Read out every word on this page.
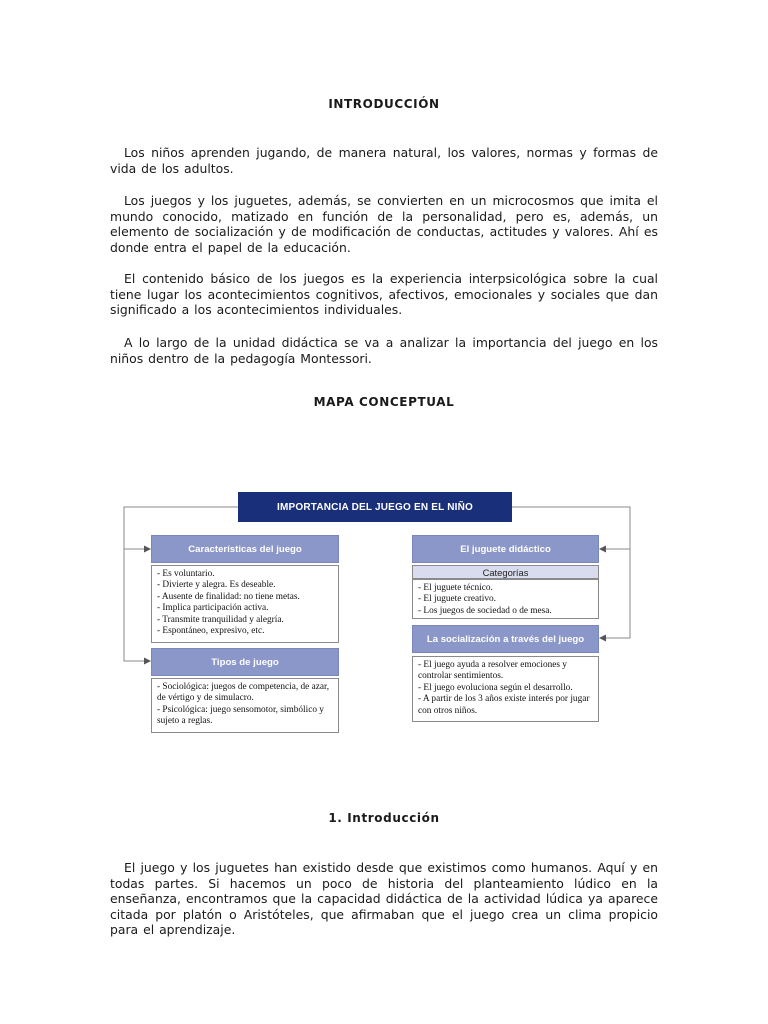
INTRODUCCIÓN

Los niños aprenden jugando, de manera natural, los valores, normas y formas de vida de los adultos.

Los juegos y los juguetes, además, se convierten en un microcosmos que imita el mundo conocido, matizado en función de la personalidad, pero es, además, un elemento de socialización y de modificación de conductas, actitudes y valores. Ahí es donde entra el papel de la educación.

El contenido básico de los juegos es la experiencia interpsicológica sobre la cual tiene lugar los acontecimientos cognitivos, afectivos, emocionales y sociales que dan significado a los acontecimientos individuales.

A lo largo de la unidad didáctica se va a analizar la importancia del juego en los niños dentro de la pedagogía Montessori.

MAPA CONCEPTUAL
IMPORTANCIA DEL JUEGO EN EL NIÑO
Características del juego
- Es voluntario.
- Divierte y alegra. Es deseable.
- Ausente de finalidad: no tiene metas.
- Implica participación activa.
- Transmite tranquilidad y alegría.
- Espontáneo, expresivo, etc.
Tipos de juego
- Sociológica: juegos de competencia, de azar, de vértigo y de simulacro.
- Psicológica: juego sensomotor, simbólico y sujeto a reglas.
El juguete didáctico
Categorías
- El juguete técnico.
- El juguete creativo.
- Los juegos de sociedad o de mesa.
La socialización a través del juego
- El juego ayuda a resolver emociones y controlar sentimientos.
- El juego evoluciona según el desarrollo.
- A partir de los 3 años existe interés por jugar con otros niños.
1. Introducción

El juego y los juguetes han existido desde que existimos como humanos. Aquí y en todas partes. Si hacemos un poco de historia del planteamiento lúdico en la enseñanza, encontramos que la capacidad didáctica de la actividad lúdica ya aparece citada por platón o Aristóteles, que afirmaban que el juego crea un clima propicio para el aprendizaje.
